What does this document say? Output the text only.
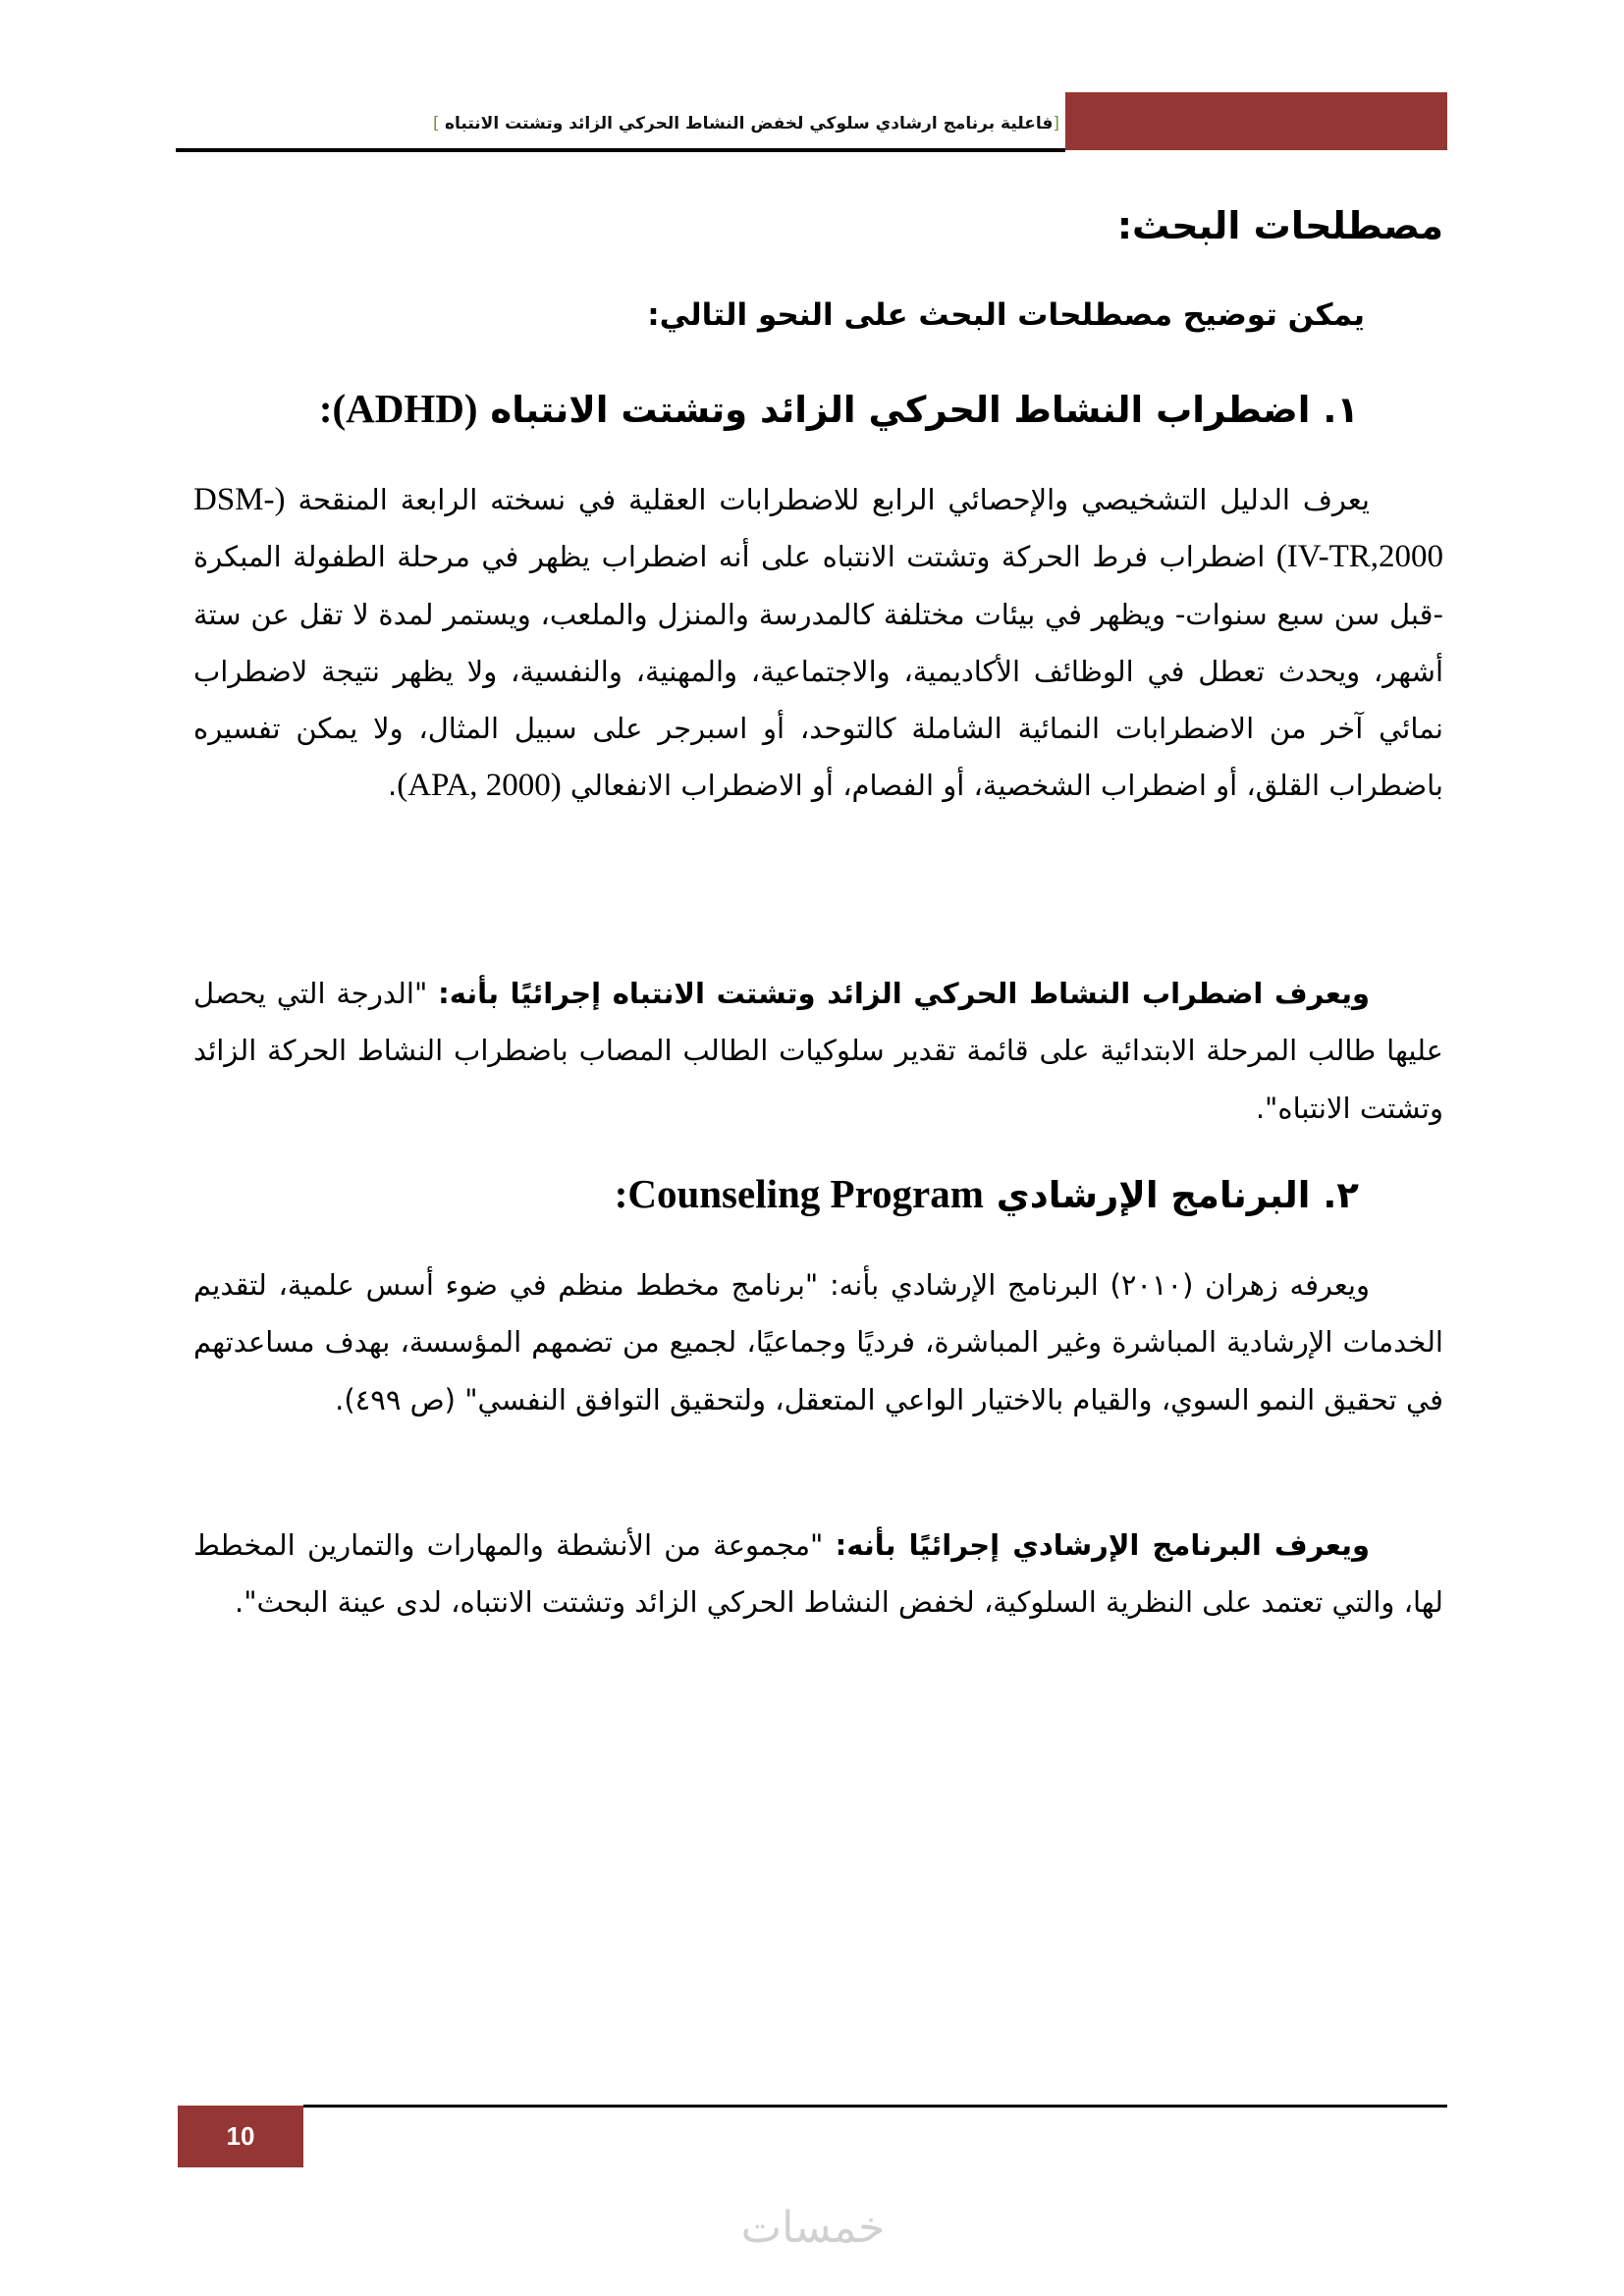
[فاعلية برنامج ارشادي سلوكي لخفض النشاط الحركي الزائد وتشتت الانتباه ]
مصطلحات البحث:
يمكن توضيح مصطلحات البحث على النحو التالي:
١. اضطراب النشاط الحركي الزائد وتشتت الانتباه (ADHD):

يعرف الدليل التشخيصي والإحصائي الرابع للاضطرابات العقلية في نسخته الرابعة المنقحة (DSM-IV-TR,2000) اضطراب فرط الحركة وتشتت الانتباه على أنه اضطراب يظهر في مرحلة الطفولة المبكرة -قبل سن سبع سنوات- ويظهر في بيئات مختلفة كالمدرسة والمنزل والملعب، ويستمر لمدة لا تقل عن ستة أشهر، ويحدث تعطل في الوظائف الأكاديمية، والاجتماعية، والمهنية، والنفسية، ولا يظهر نتيجة لاضطراب نمائي آخر من الاضطرابات النمائية الشاملة كالتوحد، أو اسبرجر على سبيل المثال، ولا يمكن تفسيره باضطراب القلق، أو اضطراب الشخصية، أو الفصام، أو الاضطراب الانفعالي (APA, 2000).

ويعرف اضطراب النشاط الحركي الزائد وتشتت الانتباه إجرائيًا بأنه: "الدرجة التي يحصل عليها طالب المرحلة الابتدائية على قائمة تقدير سلوكيات الطالب المصاب باضطراب النشاط الحركة الزائد وتشتت الانتباه".

٢. البرنامج الإرشادي Counseling Program:

ويعرفه زهران (٢٠١٠) البرنامج الإرشادي بأنه: "برنامج مخطط منظم في ضوء أسس علمية، لتقديم الخدمات الإرشادية المباشرة وغير المباشرة، فرديًا وجماعيًا، لجميع من تضمهم المؤسسة، بهدف مساعدتهم في تحقيق النمو السوي، والقيام بالاختيار الواعي المتعقل، ولتحقيق التوافق النفسي" (ص ٤٩٩).

ويعرف البرنامج الإرشادي إجرائيًا بأنه: "مجموعة من الأنشطة والمهارات والتمارين المخطط لها، والتي تعتمد على النظرية السلوكية، لخفض النشاط الحركي الزائد وتشتت الانتباه، لدى عينة البحث".

10
خمسات
